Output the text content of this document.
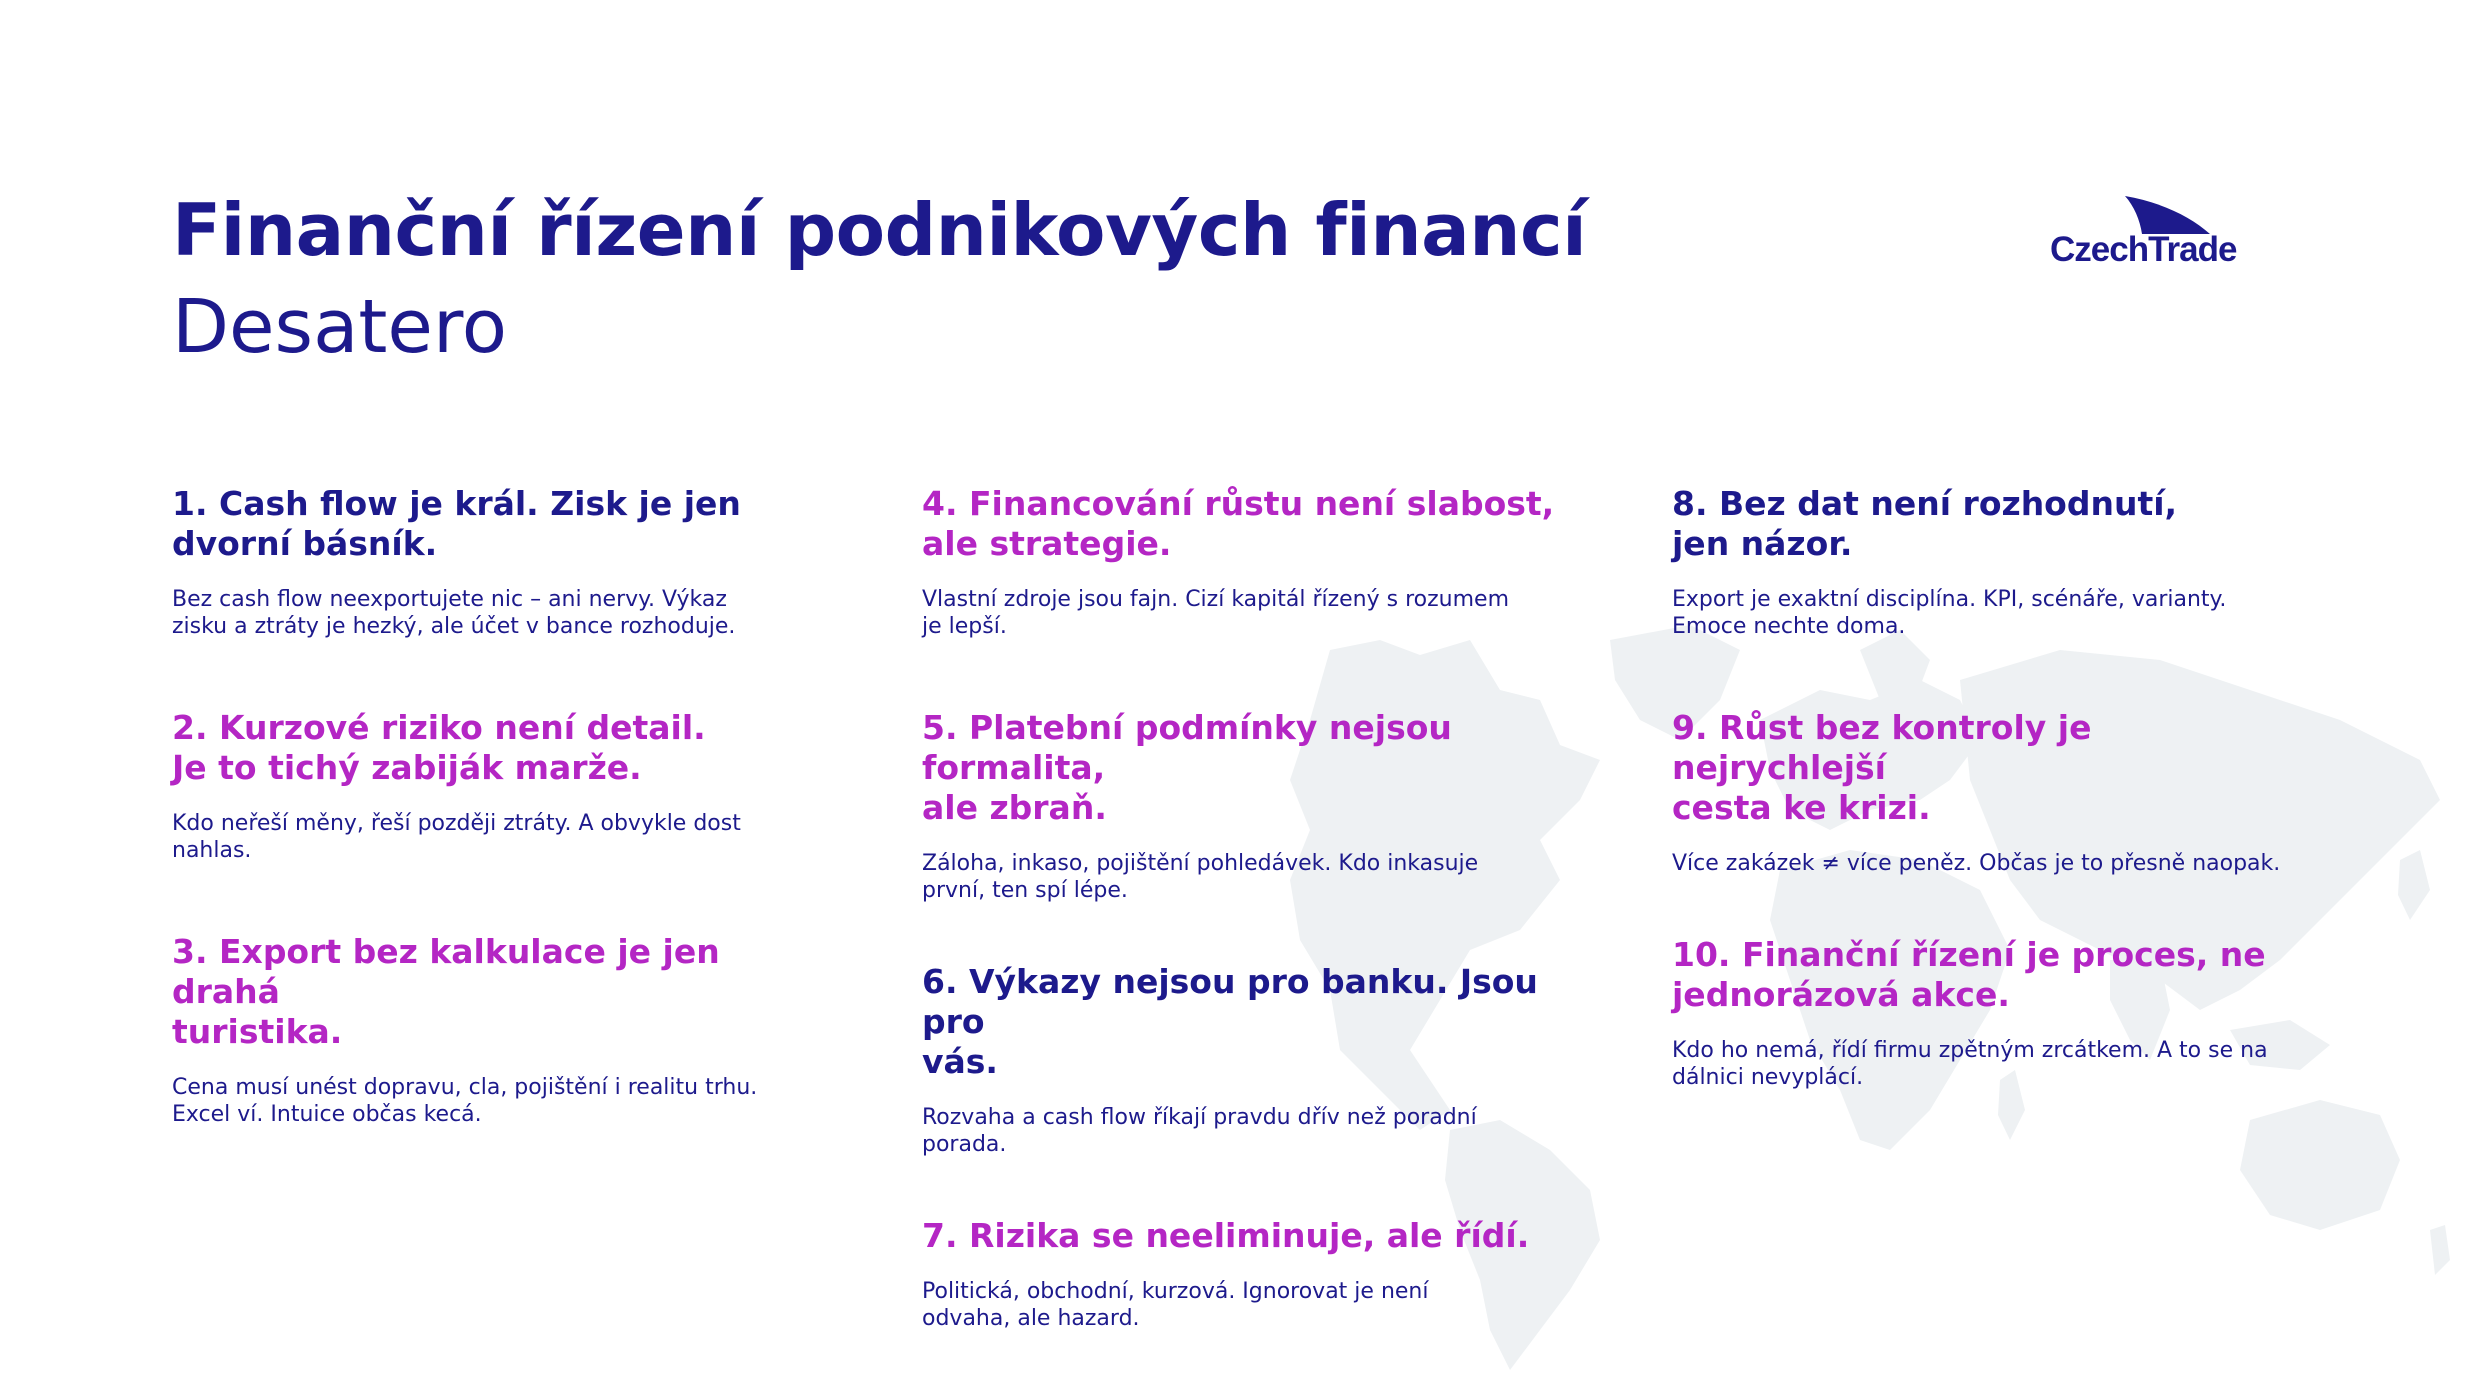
Finanční řízení podnikových financí
Desatero
CzechTrade

1. Cash flow je král. Zisk je jen
dvorní básník.

Bez cash flow neexportujete nic – ani nervy. Výkaz
zisku a ztráty je hezký, ale účet v bance rozhoduje.

2. Kurzové riziko není detail.
Je to tichý zabiják marže.

Kdo neřeší měny, řeší později ztráty. A obvykle dost
nahlas.

3. Export bez kalkulace je jen drahá
turistika.

Cena musí unést dopravu, cla, pojištění i realitu trhu.
Excel ví. Intuice občas kecá.

4. Financování růstu není slabost,
ale strategie.

Vlastní zdroje jsou fajn. Cizí kapitál řízený s rozumem
je lepší.

5. Platební podmínky nejsou formalita,
ale zbraň.

Záloha, inkaso, pojištění pohledávek. Kdo inkasuje
první, ten spí lépe.

6. Výkazy nejsou pro banku. Jsou pro
vás.

Rozvaha a cash flow říkají pravdu dřív než poradní
porada.

7. Rizika se neeliminuje, ale řídí.

Politická, obchodní, kurzová. Ignorovat je není
odvaha, ale hazard.

8. Bez dat není rozhodnutí,
jen názor.

Export je exaktní disciplína. KPI, scénáře, varianty.
Emoce nechte doma.

9. Růst bez kontroly je nejrychlejší
cesta ke krizi.

Více zakázek ≠ více peněz. Občas je to přesně naopak.

10. Finanční řízení je proces, ne
jednorázová akce.

Kdo ho nemá, řídí firmu zpětným zrcátkem. A to se na
dálnici nevyplácí.
